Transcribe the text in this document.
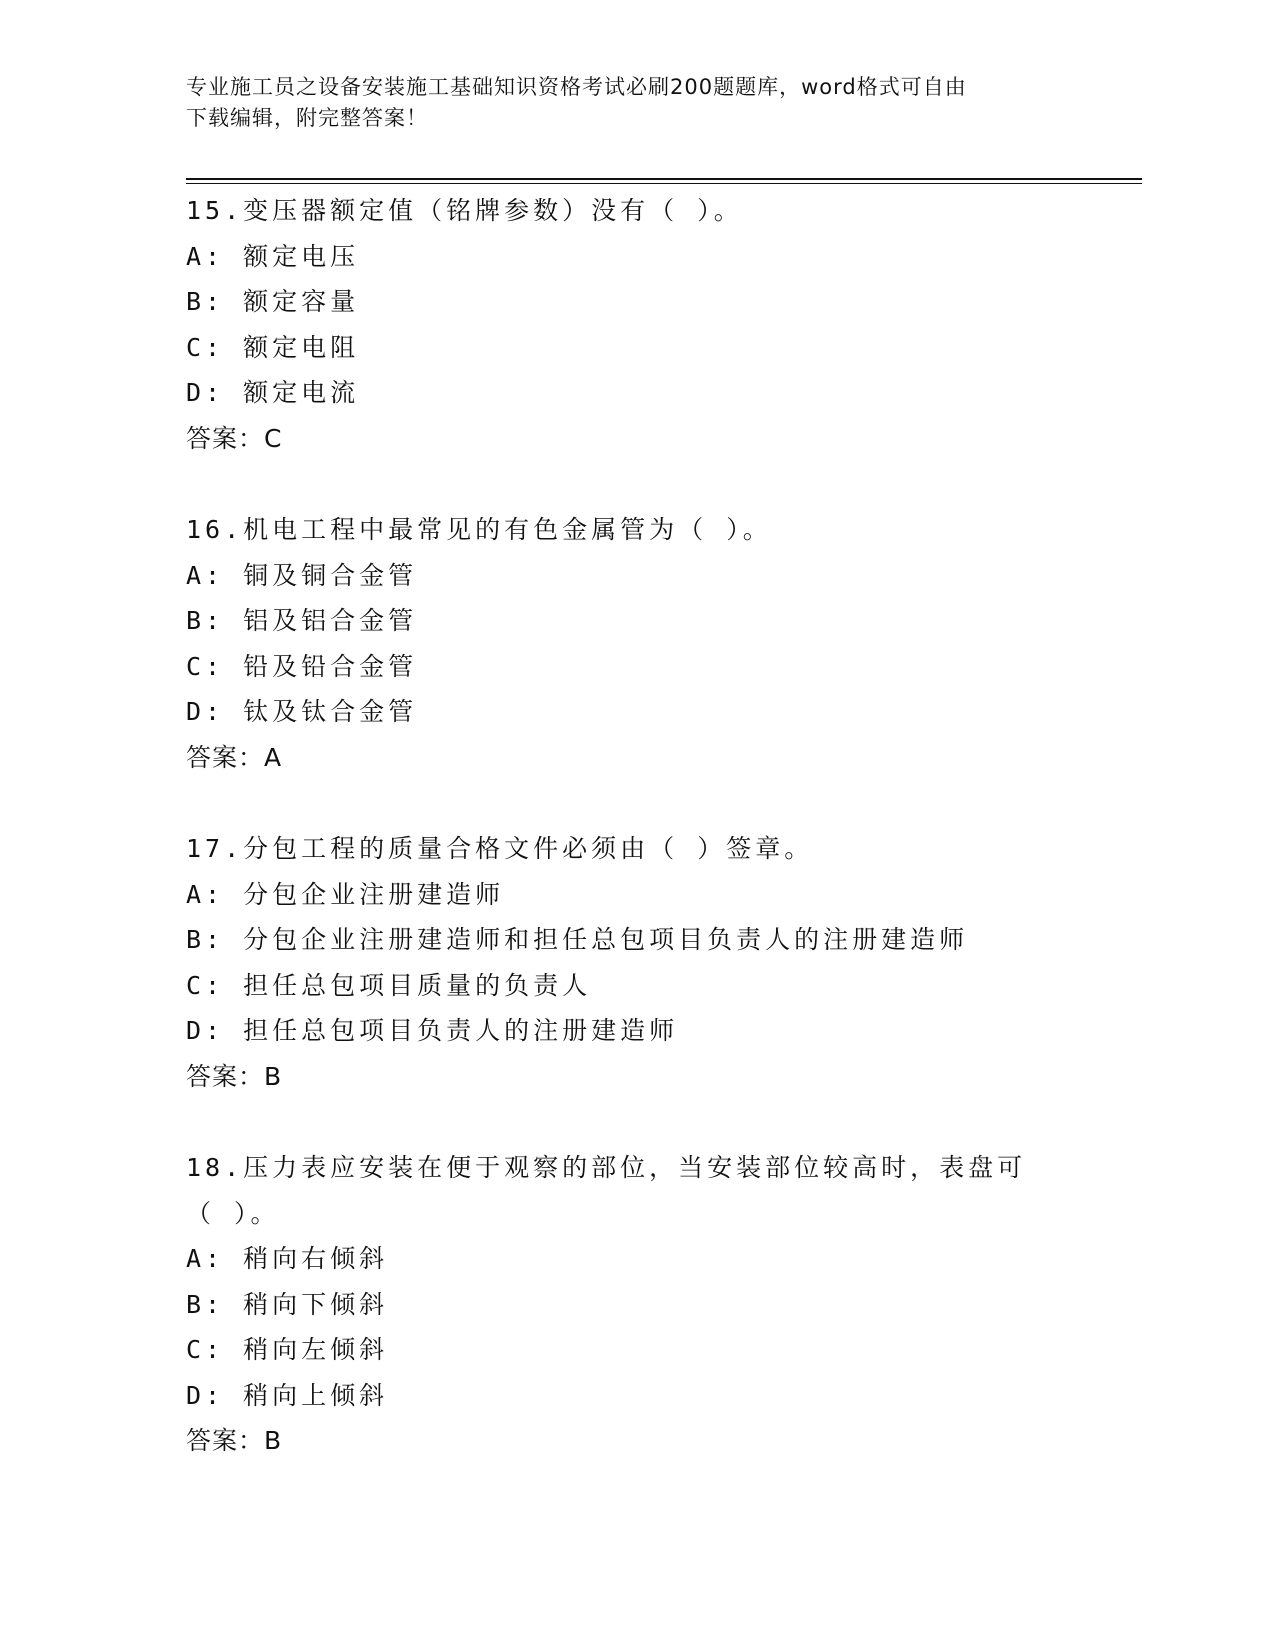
专业施工员之设备安装施工基础知识资格考试必刷200题题库，word格式可自由
下载编辑，附完整答案！
15.变压器额定值（铭牌参数）没有（ ）。
A: 额定电压
B: 额定容量
C: 额定电阻
D: 额定电流
答案：C
16.机电工程中最常见的有色金属管为（ ）。
A: 铜及铜合金管
B: 铝及铝合金管
C: 铅及铅合金管
D: 钛及钛合金管
答案：A
17.分包工程的质量合格文件必须由（ ）签章。
A: 分包企业注册建造师
B: 分包企业注册建造师和担任总包项目负责人的注册建造师
C: 担任总包项目质量的负责人
D: 担任总包项目负责人的注册建造师
答案：B
18.压力表应安装在便于观察的部位，当安装部位较高时，表盘可（ ）。
A: 稍向右倾斜
B: 稍向下倾斜
C: 稍向左倾斜
D: 稍向上倾斜
答案：B
